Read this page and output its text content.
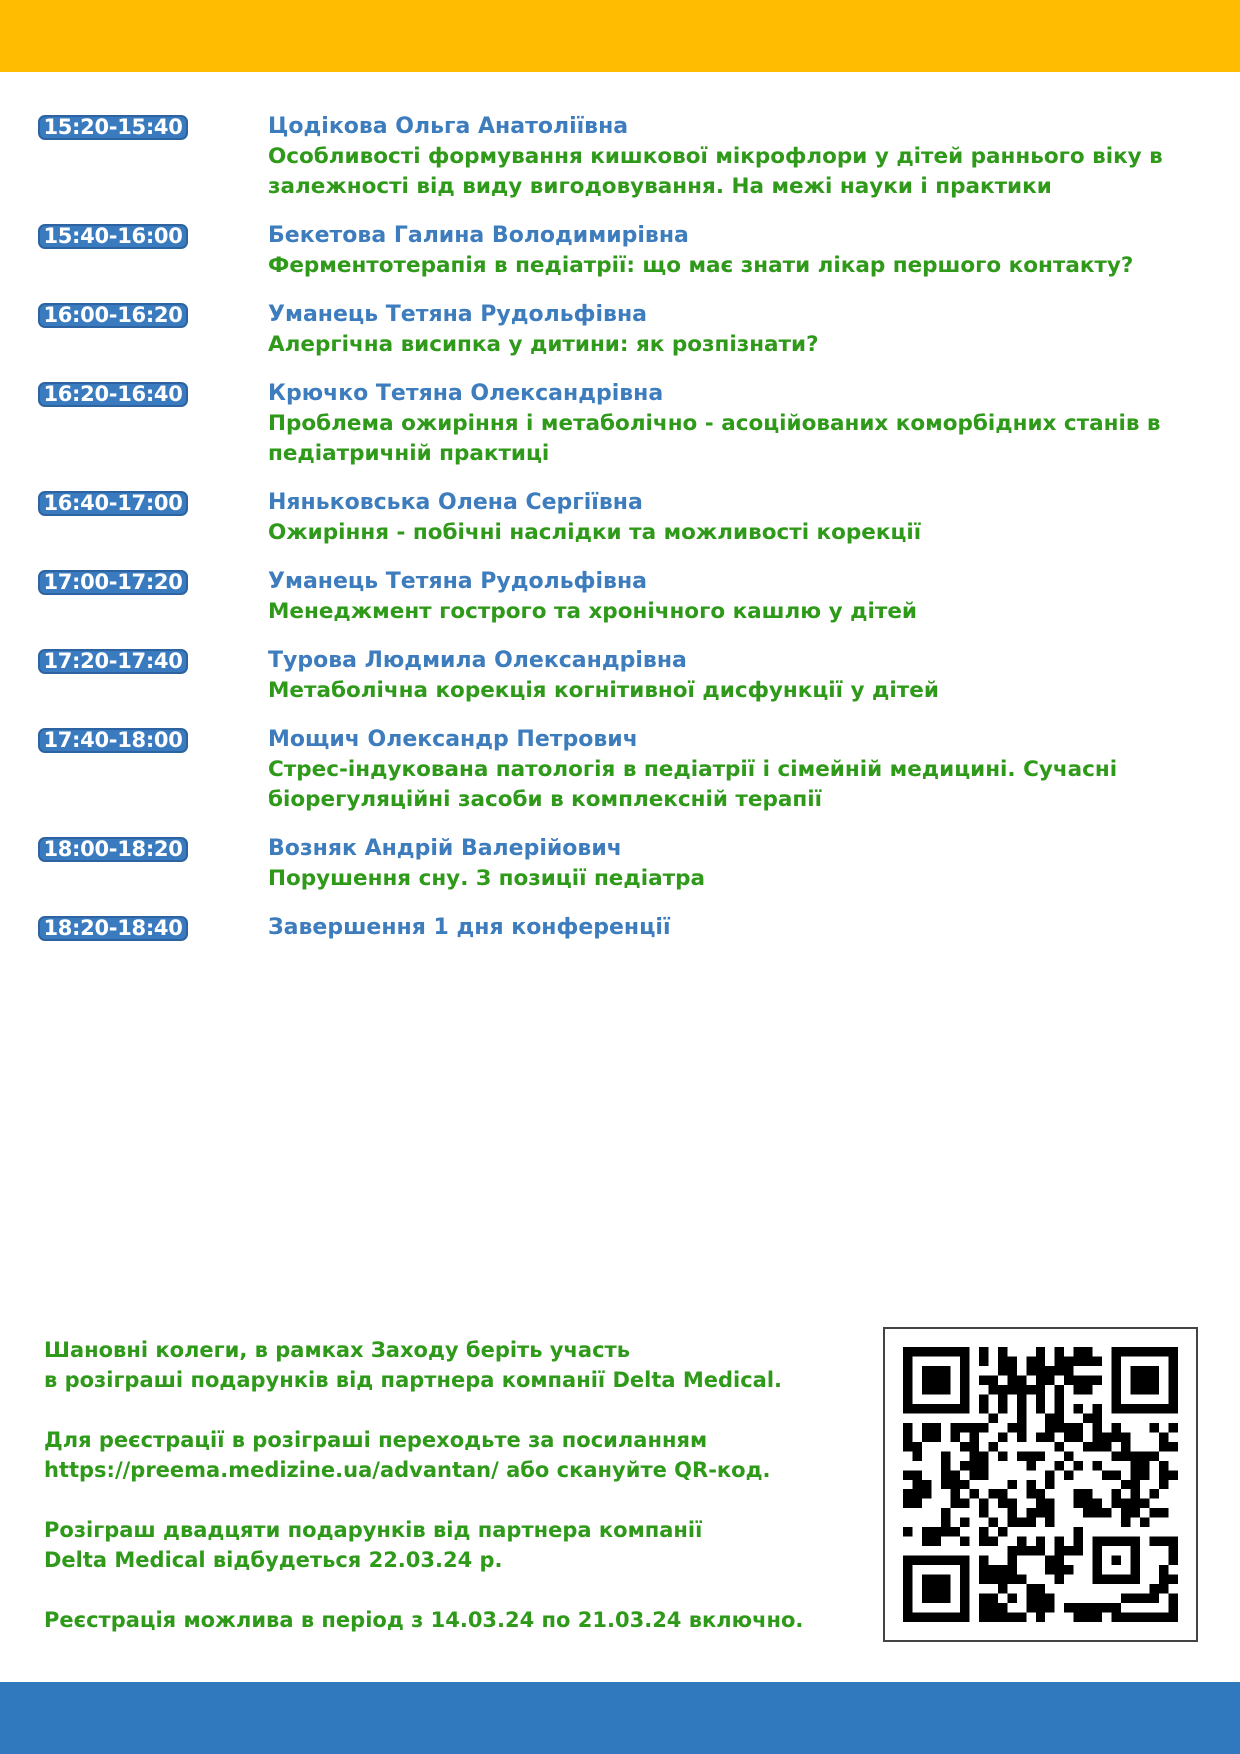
15:20-15:40	Цодікова Ольга Анатоліївна
Особливості формування кишкової мікрофлори у дітей раннього віку в залежності від виду вигодовування. На межі науки і практики
15:40-16:00	Бекетова Галина Володимирівна
Ферментотерапія в педіатрії: що має знати лікар першого контакту?
16:00-16:20	Уманець Тетяна Рудольфівна
Алергічна висипка у дитини: як розпізнати?
16:20-16:40	Крючко Тетяна Олександрівна
Проблема ожиріння і метаболічно - асоційованих коморбідних станів в педіатричній практиці
16:40-17:00	Няньковська Олена Сергіївна
Ожиріння - побічні наслідки та можливості корекції
17:00-17:20	Уманець Тетяна Рудольфівна
Менеджмент гострого та хронічного кашлю у дітей
17:20-17:40	Турова Людмила Олександрівна
Метаболічна корекція когнітивної дисфункції у дітей
17:40-18:00	Мощич Олександр Петрович
Стрес-індукована патологія в педіатрії і сімейній медицині. Сучасні біорегуляційні засоби в комплексній терапії
18:00-18:20	Возняк Андрій Валерійович
Порушення сну. З позиції педіатра
18:20-18:40	Завершення 1 дня конференції

Шановні колеги, в рамках Заходу беріть участь
в розіграші подарунків від партнера компанії Delta Medical.

Для реєстрації в розіграші переходьте за посиланням
https://preema.medizine.ua/advantan/ або скануйте QR-код.

Розіграш двадцяти подарунків від партнера компанії
Delta Medical відбудеться 22.03.24 р.

Реєстрація можлива в період з 14.03.24 по 21.03.24 включно.
